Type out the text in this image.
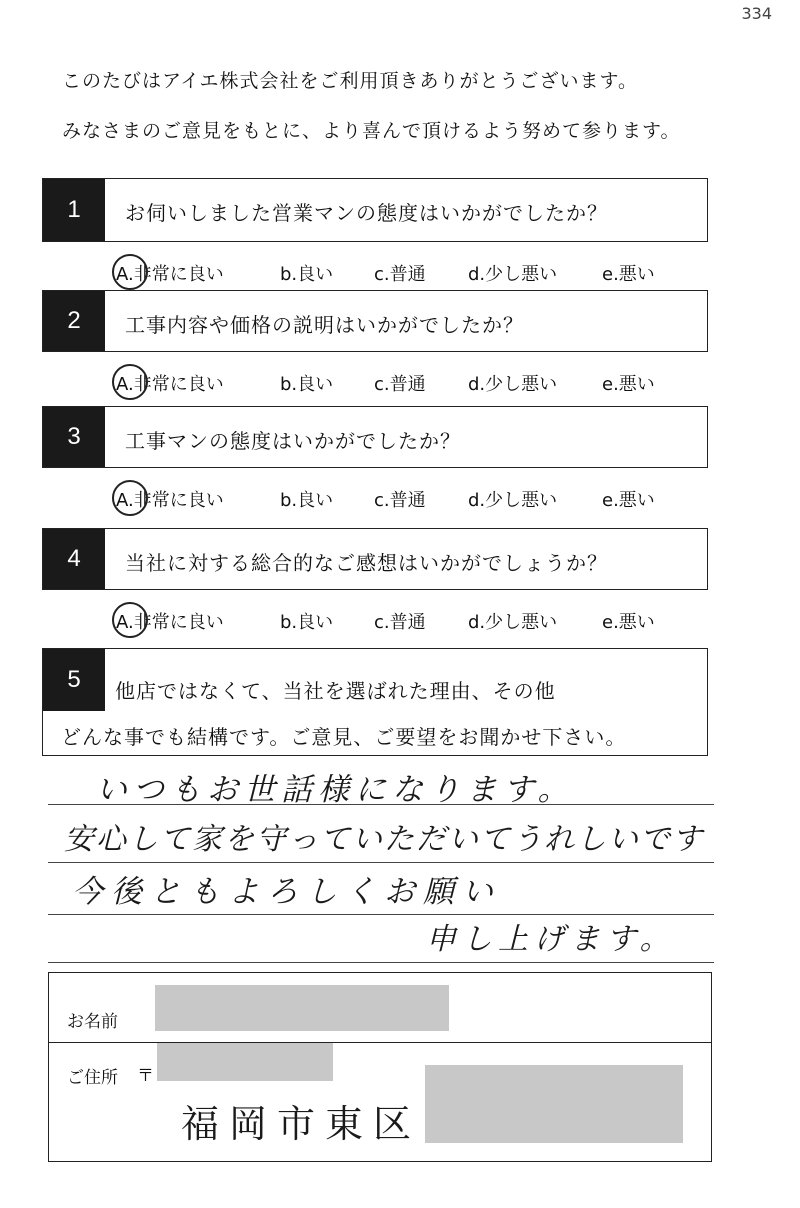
334
このたびはアイエ株式会社をご利用頂きありがとうございます。
みなさまのご意見をもとに、より喜んで頂けるよう努めて参ります。
1	お伺いしました営業マンの態度はいかがでしたか？
A.非常に良い	b.良い c.普通 d.少し悪い e.悪い
2	工事内容や価格の説明はいかがでしたか？
A.非常に良い	b.良い c.普通 d.少し悪い e.悪い
3	工事マンの態度はいかがでしたか？
A.非常に良い	b.良い c.普通 d.少し悪い e.悪い
4	当社に対する総合的なご感想はいかがでしょうか？
A.非常に良い	b.良い c.普通 d.少し悪い e.悪い
5	他店ではなくて、当社を選ばれた理由、その他
どんな事でも結構です。ご意見、ご要望をお聞かせ下さい。
いつもお世話様になります。
安心して家を守っていただいてうれしいです
今後ともよろしくお願い
申し上げます。
お名前
ご住所 〒
福岡市東区
